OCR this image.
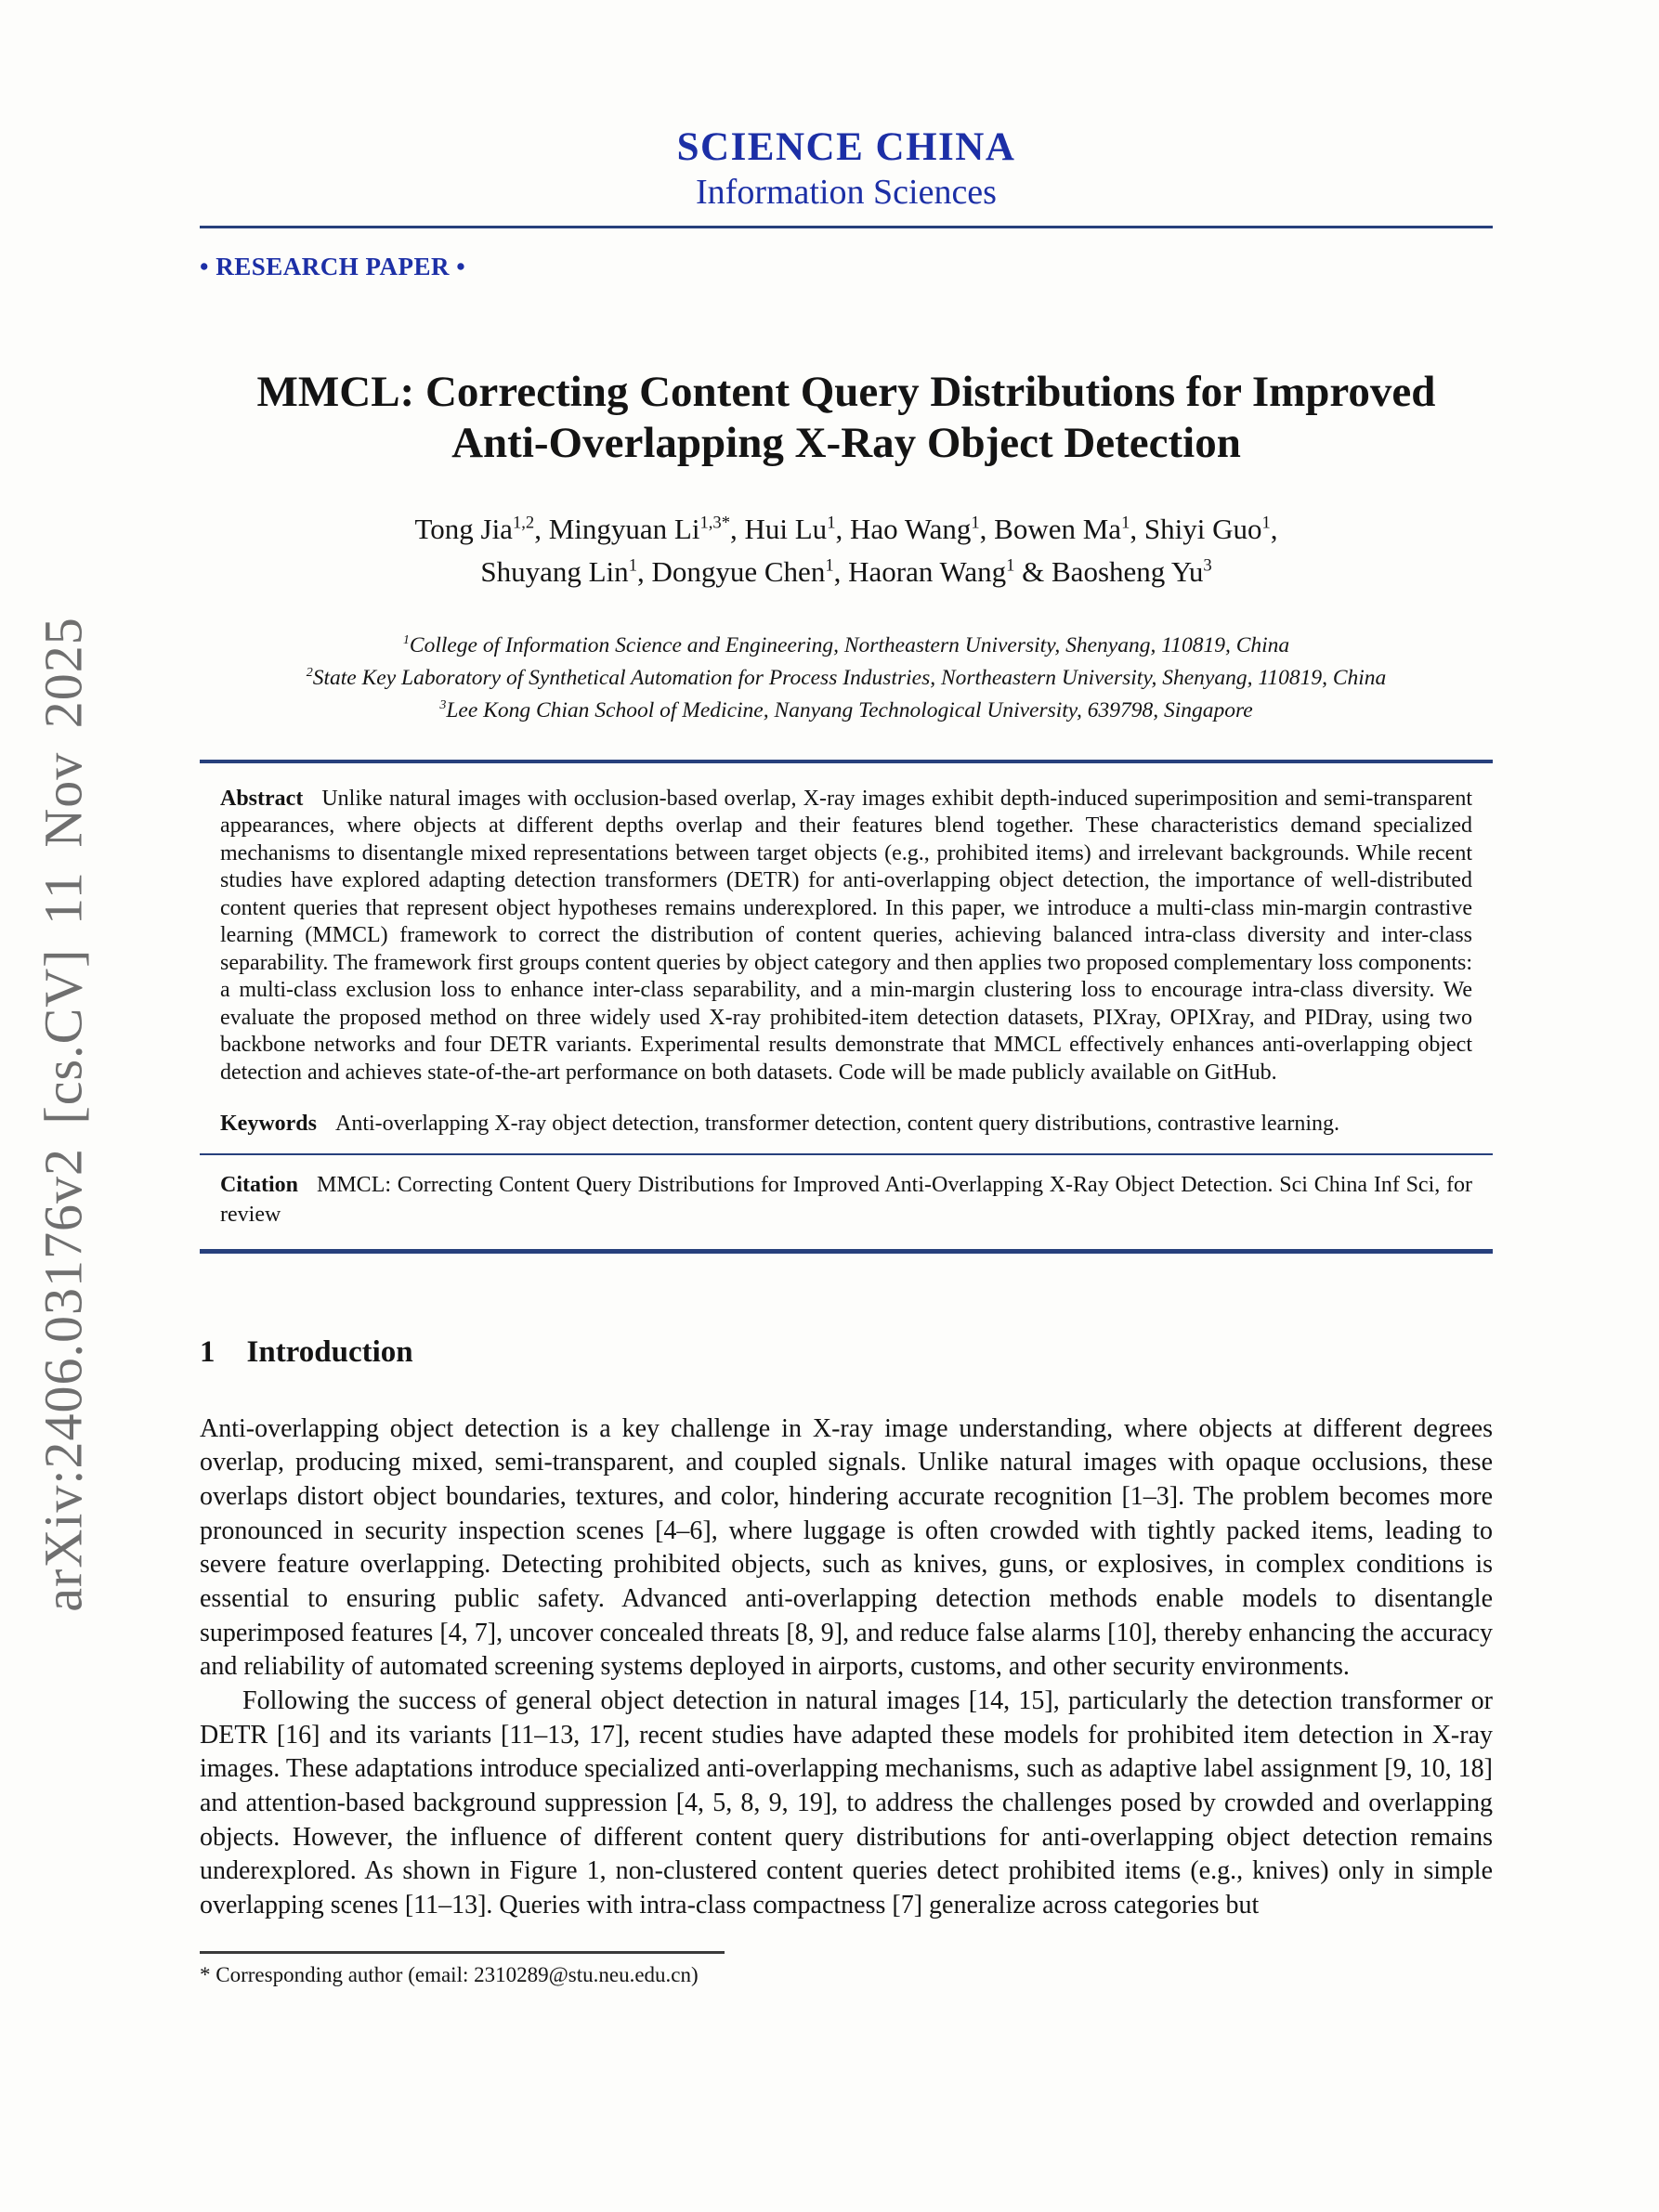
arXiv:2406.03176v2 [cs.CV] 11 Nov 2025
SCIENCE CHINA
Information Sciences
• RESEARCH PAPER •
MMCL: Correcting Content Query Distributions for Improved Anti-Overlapping X-Ray Object Detection
Tong Jia$^{1,2}$, Mingyuan $Li^{1,3*}$, Hui Lu$^1$, Hao Wang$^1$, Bowen Ma$^1$, Shiyi Guo$^1$,
Shuyang Lin$^1$, Dongyue Chen$^1$, Haoran Wang$^1$ & Baosheng Yu$^3$
$^1$College of Information Science and Engineering, Northeastern University, Shenyang, 110819, China
$^2$State Key Laboratory of Synthetical Automation for Process Industries, Northeastern University, Shenyang, 110819, China
$^3$Lee Kong Chian School of Medicine, Nanyang Technological University, 639798, Singapore

Abstract Unlike natural images with occlusion-based overlap, X-ray images exhibit depth-induced superimposition and semi-transparent appearances, where objects at different depths overlap and their features blend together. These characteristics demand specialized mechanisms to disentangle mixed representations between target objects (e.g., prohibited items) and irrelevant backgrounds. While recent studies have explored adapting detection transformers (DETR) for anti-overlapping object detection, the importance of well-distributed content queries that represent object hypotheses remains underexplored. In this paper, we introduce a multi-class min-margin contrastive learning (MMCL) framework to correct the distribution of content queries, achieving balanced intra-class diversity and inter-class separability. The framework first groups content queries by object category and then applies two proposed complementary loss components: a multi-class exclusion loss to enhance inter-class separability, and a min-margin clustering loss to encourage intra-class diversity. We evaluate the proposed method on three widely used X-ray prohibited-item detection datasets, PIXray, OPIXray, and PIDray, using two backbone networks and four DETR variants. Experimental results demonstrate that MMCL effectively enhances anti-overlapping object detection and achieves state-of-the-art performance on both datasets. Code will be made publicly available on GitHub.

Keywords Anti-overlapping X-ray object detection, transformer detection, content query distributions, contrastive learning.

Citation MMCL: Correcting Content Query Distributions for Improved Anti-Overlapping X-Ray Object Detection. Sci China Inf Sci, for review

1 Introduction

Anti-overlapping object detection is a key challenge in X-ray image understanding, where objects at different degrees overlap, producing mixed, semi-transparent, and coupled signals. Unlike natural images with opaque occlusions, these overlaps distort object boundaries, textures, and color, hindering accurate recognition [1–3]. The problem becomes more pronounced in security inspection scenes [4–6], where luggage is often crowded with tightly packed items, leading to severe feature overlapping. Detecting prohibited objects, such as knives, guns, or explosives, in complex conditions is essential to ensuring public safety. Advanced anti-overlapping detection methods enable models to disentangle superimposed features [4, 7], uncover concealed threats [8, 9], and reduce false alarms [10], thereby enhancing the accuracy and reliability of automated screening systems deployed in airports, customs, and other security environments.

Following the success of general object detection in natural images [14, 15], particularly the detection transformer or DETR [16] and its variants [11–13, 17], recent studies have adapted these models for prohibited item detection in X-ray images. These adaptations introduce specialized anti-overlapping mechanisms, such as adaptive label assignment [9, 10, 18] and attention-based background suppression [4, 5, 8, 9, 19], to address the challenges posed by crowded and overlapping objects. However, the influence of different content query distributions for anti-overlapping object detection remains underexplored. As shown in Figure 1, non-clustered content queries detect prohibited items (e.g., knives) only in simple overlapping scenes [11–13]. Queries with intra-class compactness [7] generalize across categories but

* Corresponding author (email: 2310289@stu.neu.edu.cn)
